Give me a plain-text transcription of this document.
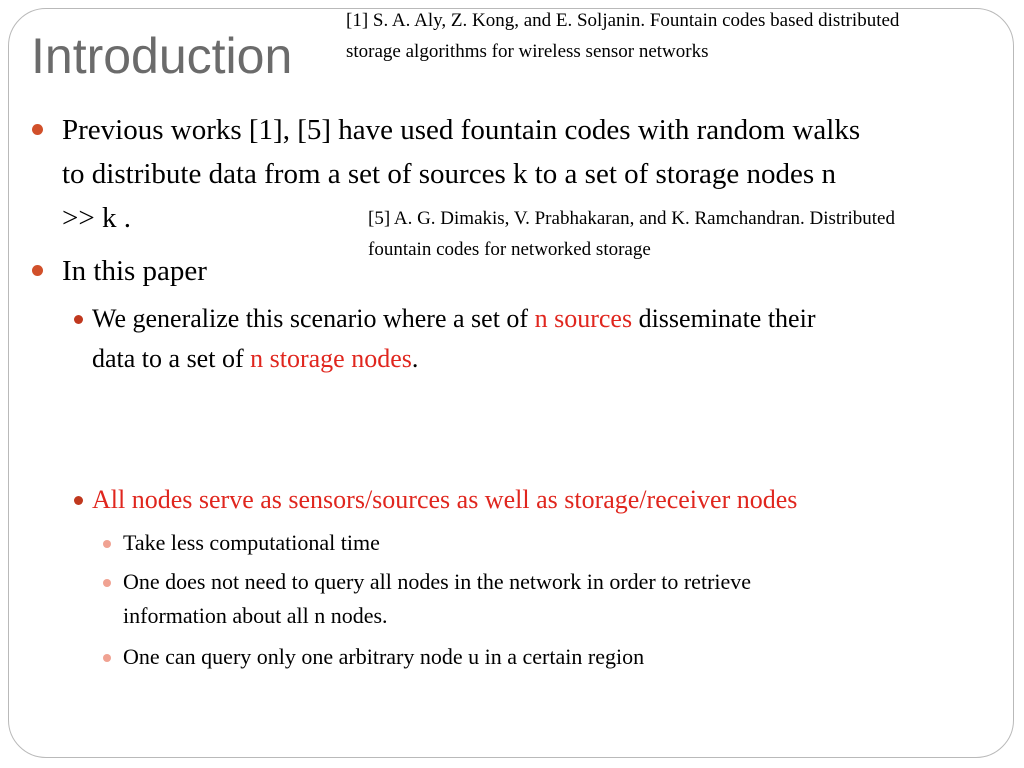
Introduction
[1] S. A. Aly, Z. Kong, and E. Soljanin. Fountain codes based distributed
storage algorithms for wireless sensor networks
Previous works [1], [5] have used fountain codes with random walks
to distribute data from a set of sources k to a set of storage nodes n
>> k .	[5] A. G. Dimakis, V. Prabhakaran, and K. Ramchandran. Distributed
fountain codes for networked storage
In this paper
We generalize this scenario where a set of n sources disseminate their
data to a set of n storage nodes.
All nodes serve as sensors/sources as well as storage/receiver nodes
Take less computational time
One does not need to query all nodes in the network in order to retrieve
information about all n nodes.
One can query only one arbitrary node u in a certain region
